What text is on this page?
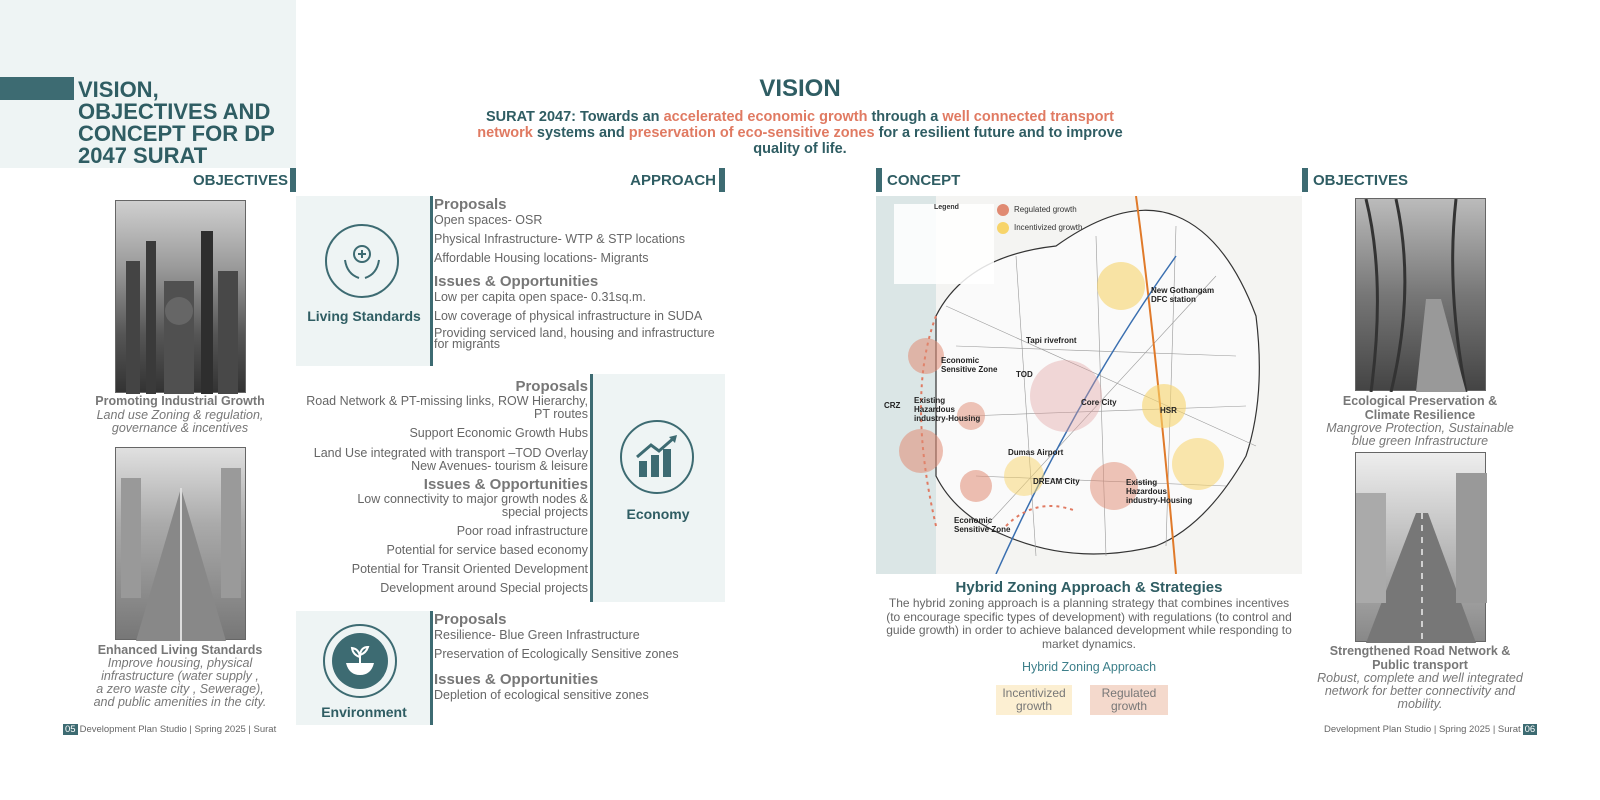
VISION,
OBJECTIVES AND
CONCEPT FOR DP
2047 SURAT
VISION
SURAT 2047: Towards an accelerated economic growth through a well connected transport
network systems and preservation of eco-sensitive zones for a resilient future and to improve
quality of life.
OBJECTIVES
Promoting Industrial Growth
Land use Zoning & regulation,
governance & incentives
Enhanced Living Standards
Improve housing, physical
infrastructure (water supply ,
a zero waste city , Sewerage),
and public amenities in the city.
APPROACH
Living Standards
Proposals
Open spaces- OSR
Physical Infrastructure- WTP & STP locations
Affordable Housing locations- Migrants
Issues & Opportunities
Low per capita open space- 0.31sq.m.
Low coverage of physical infrastructure in SUDA
Providing serviced land, housing and infrastructure
for migrants
Economy
Proposals
Road Network & PT-missing links, ROW Hierarchy,
PT routes
Support Economic Growth Hubs
Land Use integrated with transport –TOD Overlay
New Avenues- tourism & leisure
Issues & Opportunities
Low connectivity to major growth nodes &
special projects
Poor road infrastructure
Potential for service based economy
Potential for Transit Oriented Development
Development around Special projects
Environment
Proposals
Resilience- Blue Green Infrastructure
Preservation of Ecologically Sensitive zones
Issues & Opportunities
Depletion of ecological sensitive zones
CONCEPT
Legend	Regulated growth
Incentivized growth
New Gothangam
DFC station
Tapi rivefront
Economic
Sensitive Zone
TOD
CRZ
Existing
Hazardous
industry-Housing
Core City
HSR
Dumas Airport
DREAM City	Existing
Hazardous
industry-Housing
Economic
Sensitive Zone
Hybrid Zoning Approach & Strategies
The hybrid zoning approach is a planning strategy that combines incentives
(to encourage specific types of development) with regulations (to control and
guide growth) in order to achieve balanced development while responding to
market dynamics.
Hybrid Zoning Approach
Incentivized
growth
Regulated
growth
OBJECTIVES
Ecological Preservation &
Climate Resilience
Mangrove Protection, Sustainable
blue green Infrastructure
Strengthened Road Network &
Public transport
Robust, complete and well integrated
network for better connectivity and
mobility.
05 Development Plan Studio | Spring 2025 | Surat	Development Plan Studio | Spring 2025 | Surat 06
